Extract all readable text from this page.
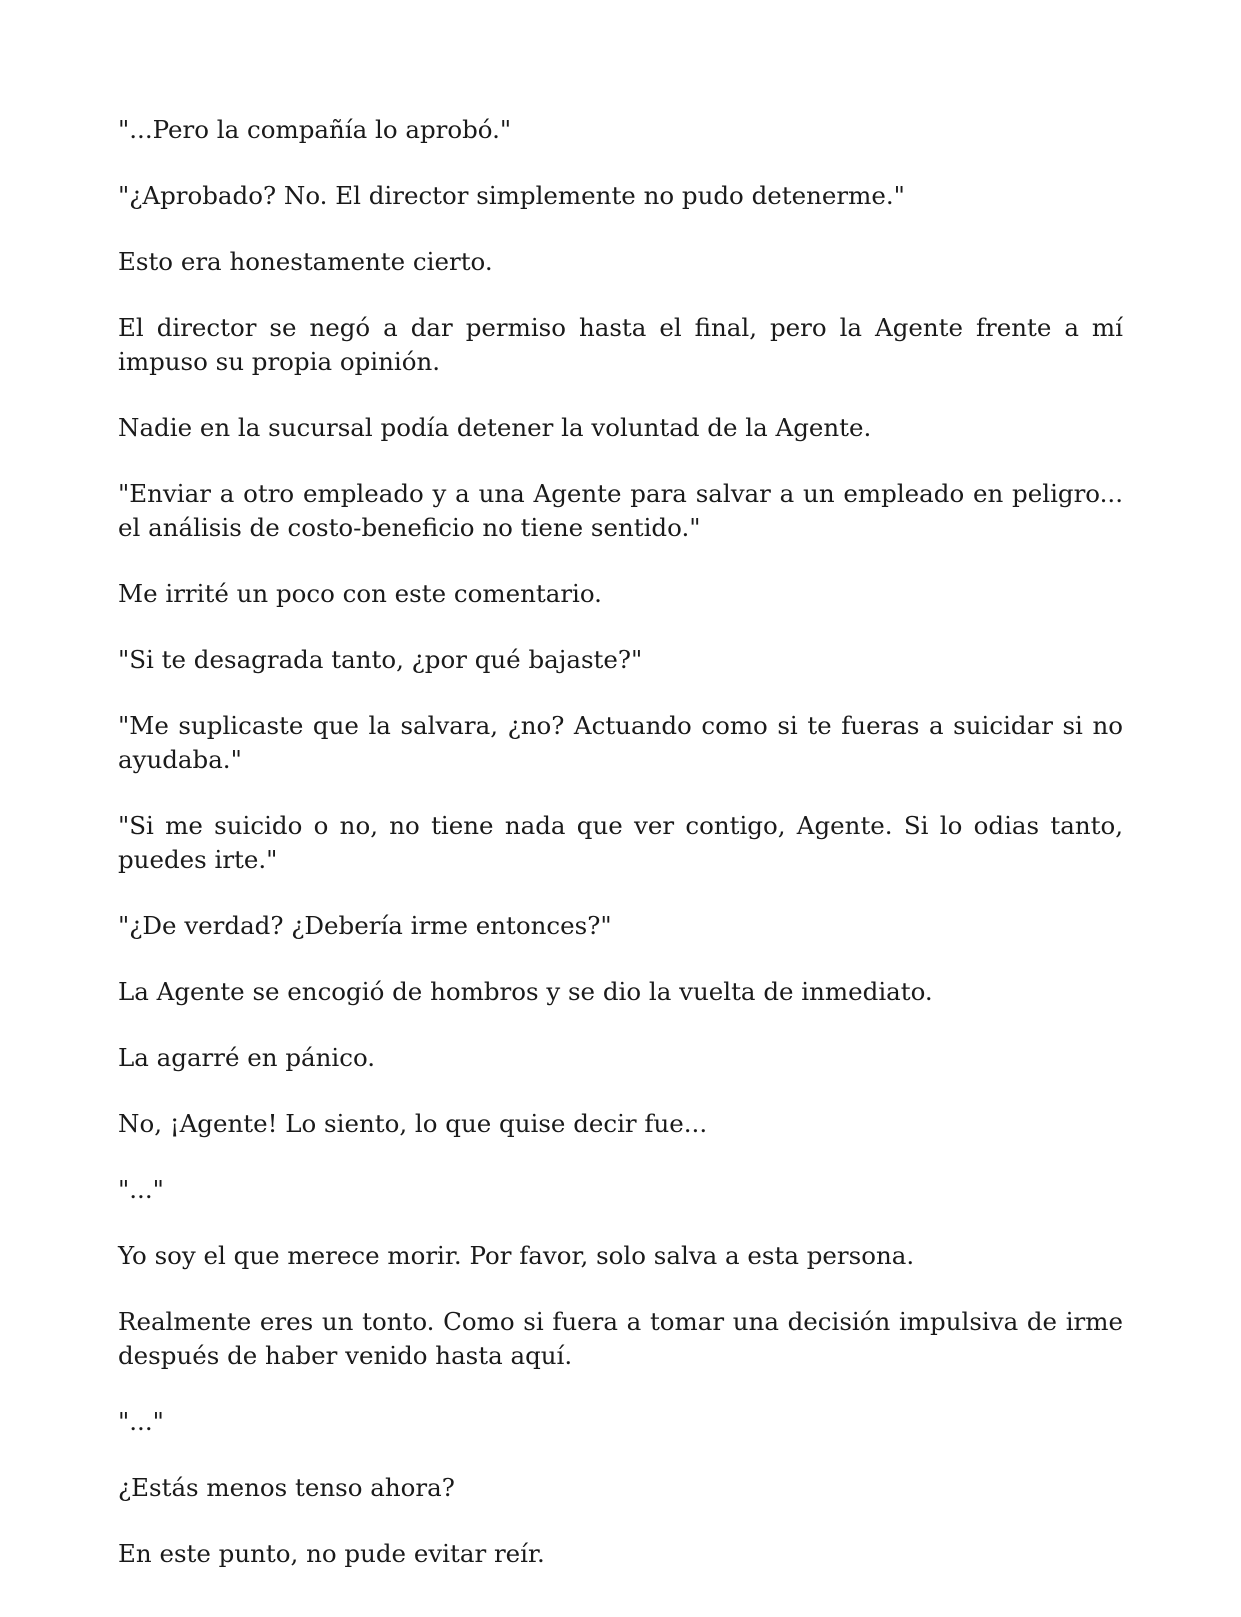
"...Pero la compañía lo aprobó."

"¿Aprobado? No. El director simplemente no pudo detenerme."

Esto era honestamente cierto.

El director se negó a dar permiso hasta el final, pero la Agente frente a mí impuso su propia opinión.

Nadie en la sucursal podía detener la voluntad de la Agente.

"Enviar a otro empleado y a una Agente para salvar a un empleado en peligro... el análisis de costo-beneficio no tiene sentido."

Me irrité un poco con este comentario.

"Si te desagrada tanto, ¿por qué bajaste?"

"Me suplicaste que la salvara, ¿no? Actuando como si te fueras a suicidar si no ayudaba."

"Si me suicido o no, no tiene nada que ver contigo, Agente. Si lo odias tanto, puedes irte."

"¿De verdad? ¿Debería irme entonces?"

La Agente se encogió de hombros y se dio la vuelta de inmediato.

La agarré en pánico.

No, ¡Agente! Lo siento, lo que quise decir fue...

"..."

Yo soy el que merece morir. Por favor, solo salva a esta persona.

Realmente eres un tonto. Como si fuera a tomar una decisión impulsiva de irme después de haber venido hasta aquí.

"..."

¿Estás menos tenso ahora?

En este punto, no pude evitar reír.
